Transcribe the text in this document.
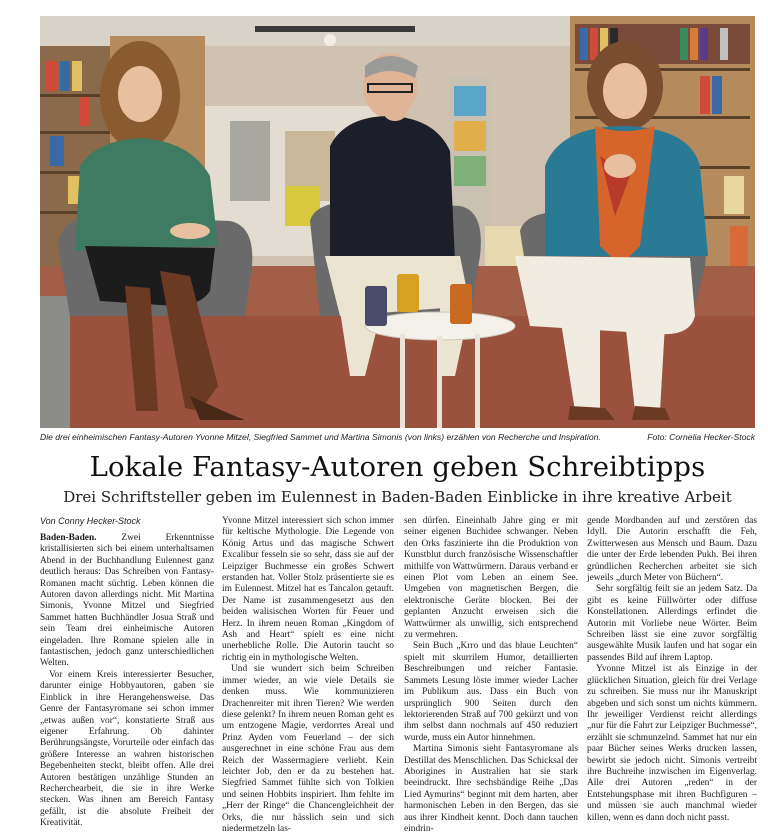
Die drei einheimischen Fantasy-Autoren Yvonne Mitzel, Siegfried Sammet und Martina Simonis (von links) erzählen von Recherche und Inspiration.	Foto: Cornelia Hecker-Stock
Lokale Fantasy-Autoren geben Schreibtipps
Drei Schriftsteller geben im Eulennest in Baden-Baden Einblicke in ihre kreative Arbeit
Von Conny Hecker-Stock

Baden-Baden.	Zwei Erkenntnisse kristallisierten sich bei einem unterhaltsamen Abend in der Buchhandlung Eulennest ganz deutlich heraus: Das Schreiben von Fantasy-Romanen macht süchtig. Leben können die Autoren davon allerdings nicht. Mit Martina Simonis, Yvonne Mitzel und Siegfried Sammet hatten Buchhändler Josua Straß und sein Team drei einheimische Autoren eingeladen. Ihre Romane spielen alle in fantastischen, jedoch ganz unterschiedlichen Welten.

Vor einem Kreis interessierter Besucher, darunter einige Hobbyautoren, gaben sie Einblick in ihre Herangehensweise. Das Genre der Fantasyromane sei schon immer „etwas außen vor“, konstatierte Straß aus eigener Erfahrung. Ob dahinter Berührungsängste, Vorurteile oder einfach das größere Interesse an wahren historischen Begebenheiten steckt, bleibt offen. Alle drei Autoren bestätigen unzählige Stunden an Recherchearbeit, die sie in ihre Werke stecken. Was ihnen am Bereich Fantasy gefällt, ist die absolute Freiheit der Kreativität.

Yvonne Mitzel interessiert sich schon immer für keltische Mythologie. Die Legende von König Artus und das magische Schwert Excalibur fesseln sie so sehr, dass sie auf der Leipziger Buchmesse ein großes Schwert erstanden hat. Voller Stolz präsentierte sie es im Eulennest. Mitzel hat es Tancalon getauft. Der Name ist zusammengesetzt aus den beiden walisischen Worten für Feuer und Herz. In ihrem neuen Roman „Kingdom of Ash and Heart“ spielt es eine nicht unerhebliche Rolle. Die Autorin taucht so richtig ein in mythologische Welten.

Und sie wundert sich beim Schreiben immer wieder, an wie viele Details sie denken muss. Wie kommunizieren Drachenreiter mit ihren Tieren? Wie werden diese gelenkt? In ihrem neuen Roman geht es um entzogene Magie, verdorrtes Areal und Prinz Ayden vom Feuerland – der sich ausgerechnet in eine schöne Frau aus dem Reich der Wassermagiere verliebt. Kein leichter Job, den er da zu bestehen hat. Siegfried Sammet fühlte sich von Tolkien und seinen Hobbits inspiriert. Ihm fehlte im „Herr der Ringe“ die Chancengleichheit der Orks, die nur hässlich sein und sich niedermetzeln las-

sen dürfen. Eineinhalb Jahre ging er mit seiner eigenen Buchidee schwanger. Neben den Orks faszinierte ihn die Produktion von Kunstblut durch französische Wissenschaftler mithilfe von Wattwürmern. Daraus verband er einen Plot vom Leben an einem See. Umgeben von magnetischen Bergen, die elektronische Geräte blocken. Bei der geplanten Anzucht erweisen sich die Wattwürmer als unwillig, sich entsprechend zu vermehren.

Sein Buch „Krro und das blaue Leuchten“ spielt mit skurrilem Humor, detaillierten Beschreibungen und reicher Fantasie. Sammets Lesung löste immer wieder Lacher im Publikum aus. Dass ein Buch von ursprünglich 900 Seiten durch den lektorierenden Straß auf 700 gekürzt und von ihm selbst dann nochmals auf 450 reduziert wurde, muss ein Autor hinnehmen.

Martina Simonis sieht Fantasyromane als Destillat des Menschlichen. Das Schicksal der Aborigines in Australien hat sie stark beeindruckt. Ihre sechsbändige Reihe „Das Lied Aymurins“ beginnt mit dem harten, aber harmonischen Leben in den Bergen, das sie aus ihrer Kindheit kennt. Doch dann tauchen eindrin-

gende Mordbanden auf und zerstören das Idyll. Die Autorin erschafft die Feh, Zwitterwesen aus Mensch und Baum. Dazu die unter der Erde lebenden Pukh. Bei ihren gründlichen Recherchen arbeitet sie sich jeweils „durch Meter von Büchern“.

Sehr sorgfältig feilt sie an jedem Satz. Da gibt es keine Füllwörter oder diffuse Konstellationen. Allerdings erfindet die Autorin mit Vorliebe neue Wörter. Beim Schreiben lässt sie eine zuvor sorgfältig ausgewählte Musik laufen und hat sogar ein passendes Bild auf ihrem Laptop.

Yvonne Mitzel ist als Einzige in der glücklichen Situation, gleich für drei Verlage zu schreiben. Sie muss nur ihr Manuskript abgeben und sich sonst um nichts kümmern. Ihr jeweiliger Verdienst reicht allerdings „nur für die Fahrt zur Leipziger Buchmesse“, erzählt sie schmunzelnd. Sammet hat nur ein paar Bücher seines Werks drucken lassen, bewirbt sie jedoch nicht. Simonis vertreibt ihre Buchreihe inzwischen im Eigenverlag. Alle drei Autoren „reden“ in der Entstehungsphase mit ihren Buchfiguren – und müssen sie auch manchmal wieder killen, wenn es dann doch nicht passt.
